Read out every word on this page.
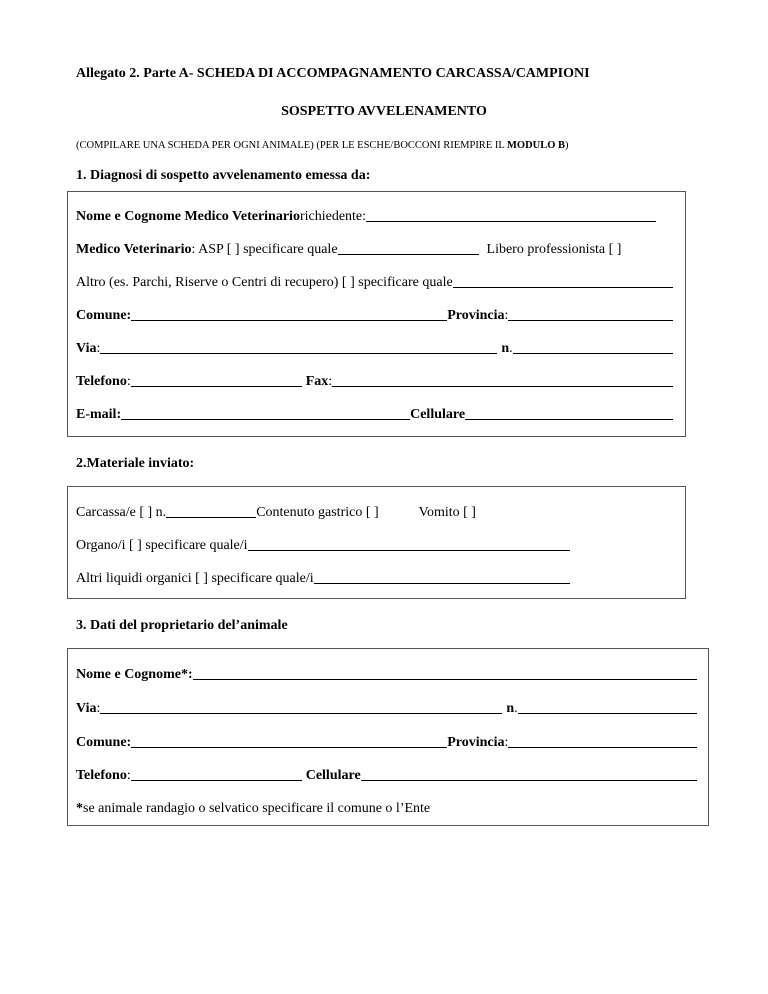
Allegato 2. Parte A- SCHEDA DI ACCOMPAGNAMENTO CARCASSA/CAMPIONI
SOSPETTO AVVELENAMENTO
(COMPILARE UNA SCHEDA PER OGNI ANIMALE) (PER LE ESCHE/BOCCONI RIEMPIRE IL MODULO B)
1. Diagnosi di sospetto avvelenamento emessa da:
Nome e Cognome Medico Veterinario richiedente:
Medico Veterinario : ASP [ ] specificare quale	Libero professionista [ ]
Altro (es. Parchi, Riserve o Centri di recupero) [ ] specificare quale
Comune:	Provincia :
Via :	n .
Telefono :	Fax :
E-mail:	Cellulare
2.Materiale inviato:
Carcassa/e [ ] n.	Contenuto gastrico [ ]	Vomito [ ]
Organo/i [ ] specificare quale/i
Altri liquidi organici [ ] specificare quale/i
3. Dati del proprietario del’animale
Nome e Cognome*:
Via :	n .
Comune:	Provincia :
Telefono :	Cellulare
* se animale randagio o selvatico specificare il comune o l’Ente
